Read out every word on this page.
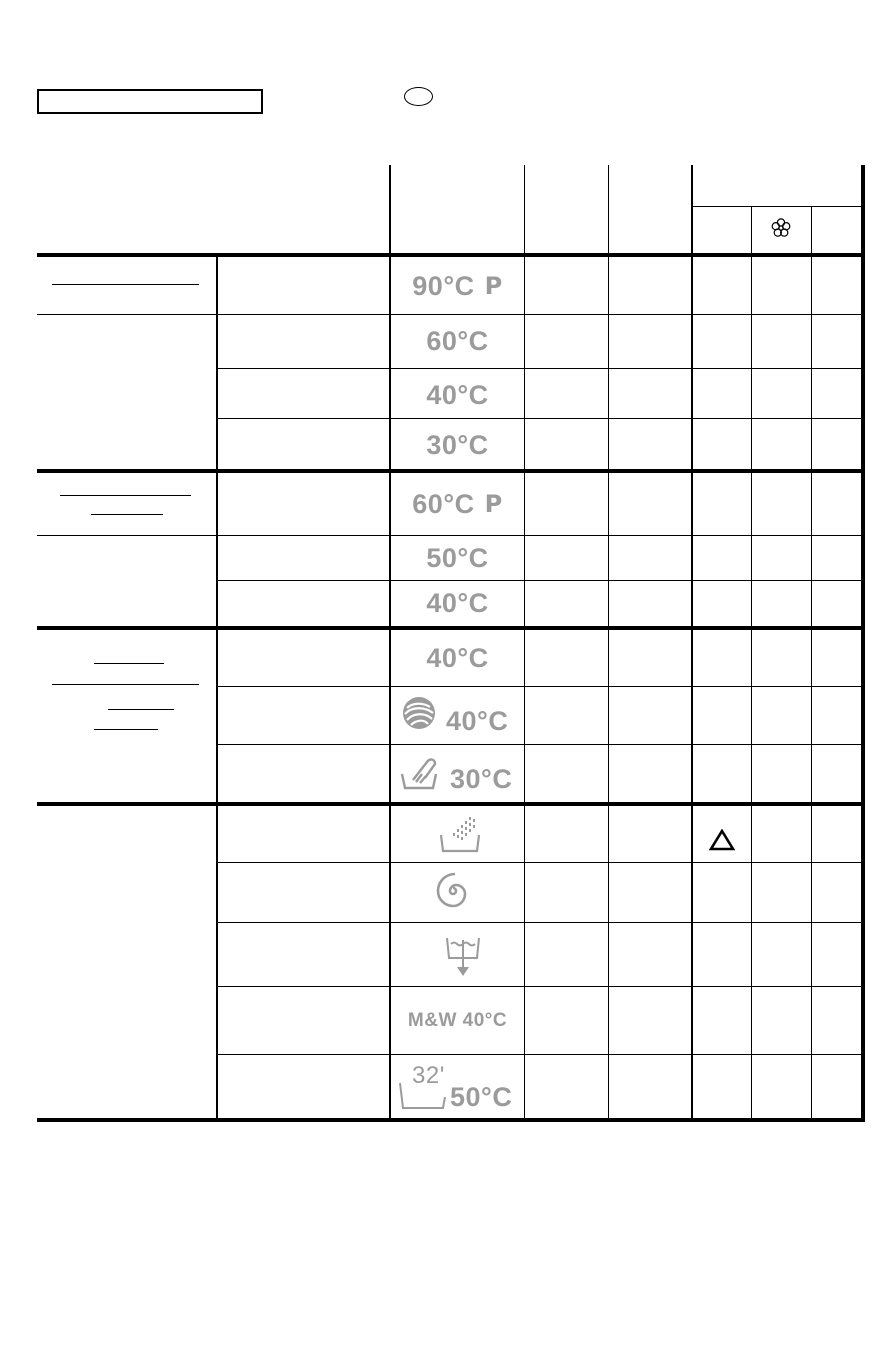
90°C P
60°C
40°C
30°C
60°C P
50°C
40°C
40°C
40°C
30°C
M&W 40°C
32'
50°C
